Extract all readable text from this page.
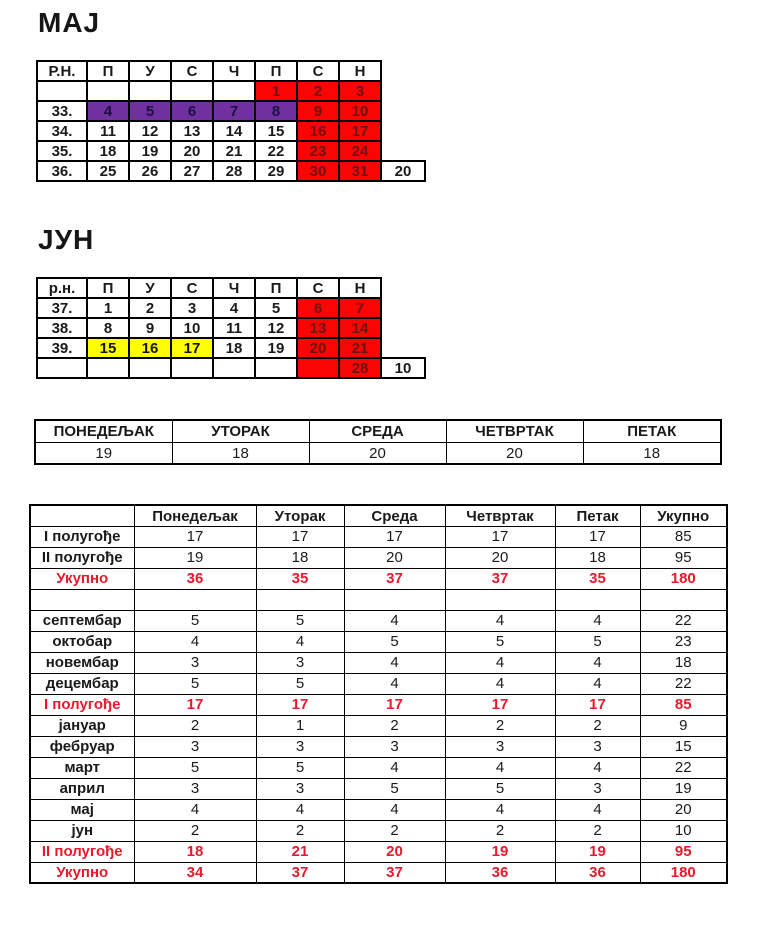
МАЈ
Р.Н.	П	У	С	Ч	П	С	Н	
					1	2	3	
33.	4	5	6	7	8	9	10	
34.	11	12	13	14	15	16	17	
35.	18	19	20	21	22	23	24	
36.	25	26	27	28	29	30	31	20
ЈУН
р.н.	П	У	С	Ч	П	С	Н	
37.	1	2	3	4	5	6	7	
38.	8	9	10	11	12	13	14	
39.	15	16	17	18	19	20	21	
							28	10
ПОНЕДЕЉАК	УТОРАК	СРЕДА	ЧЕТВРТАК	ПЕТАК
19	18	20	20	18
	Понедељак	Уторак	Среда	Четвртак	Петак	Укупно
I полугође	17	17	17	17	17	85
II полугође	19	18	20	20	18	95
Укупно	36	35	37	37	35	180

септембар	5	5	4	4	4	22
октобар	4	4	5	5	5	23
новембар	3	3	4	4	4	18
децембар	5	5	4	4	4	22
I полугође	17	17	17	17	17	85
јануар	2	1	2	2	2	9
фебруар	3	3	3	3	3	15
март	5	5	4	4	4	22
април	3	3	5	5	3	19
мај	4	4	4	4	4	20
јун	2	2	2	2	2	10
II полугође	18	21	20	19	19	95
Укупно	34	37	37	36	36	180
